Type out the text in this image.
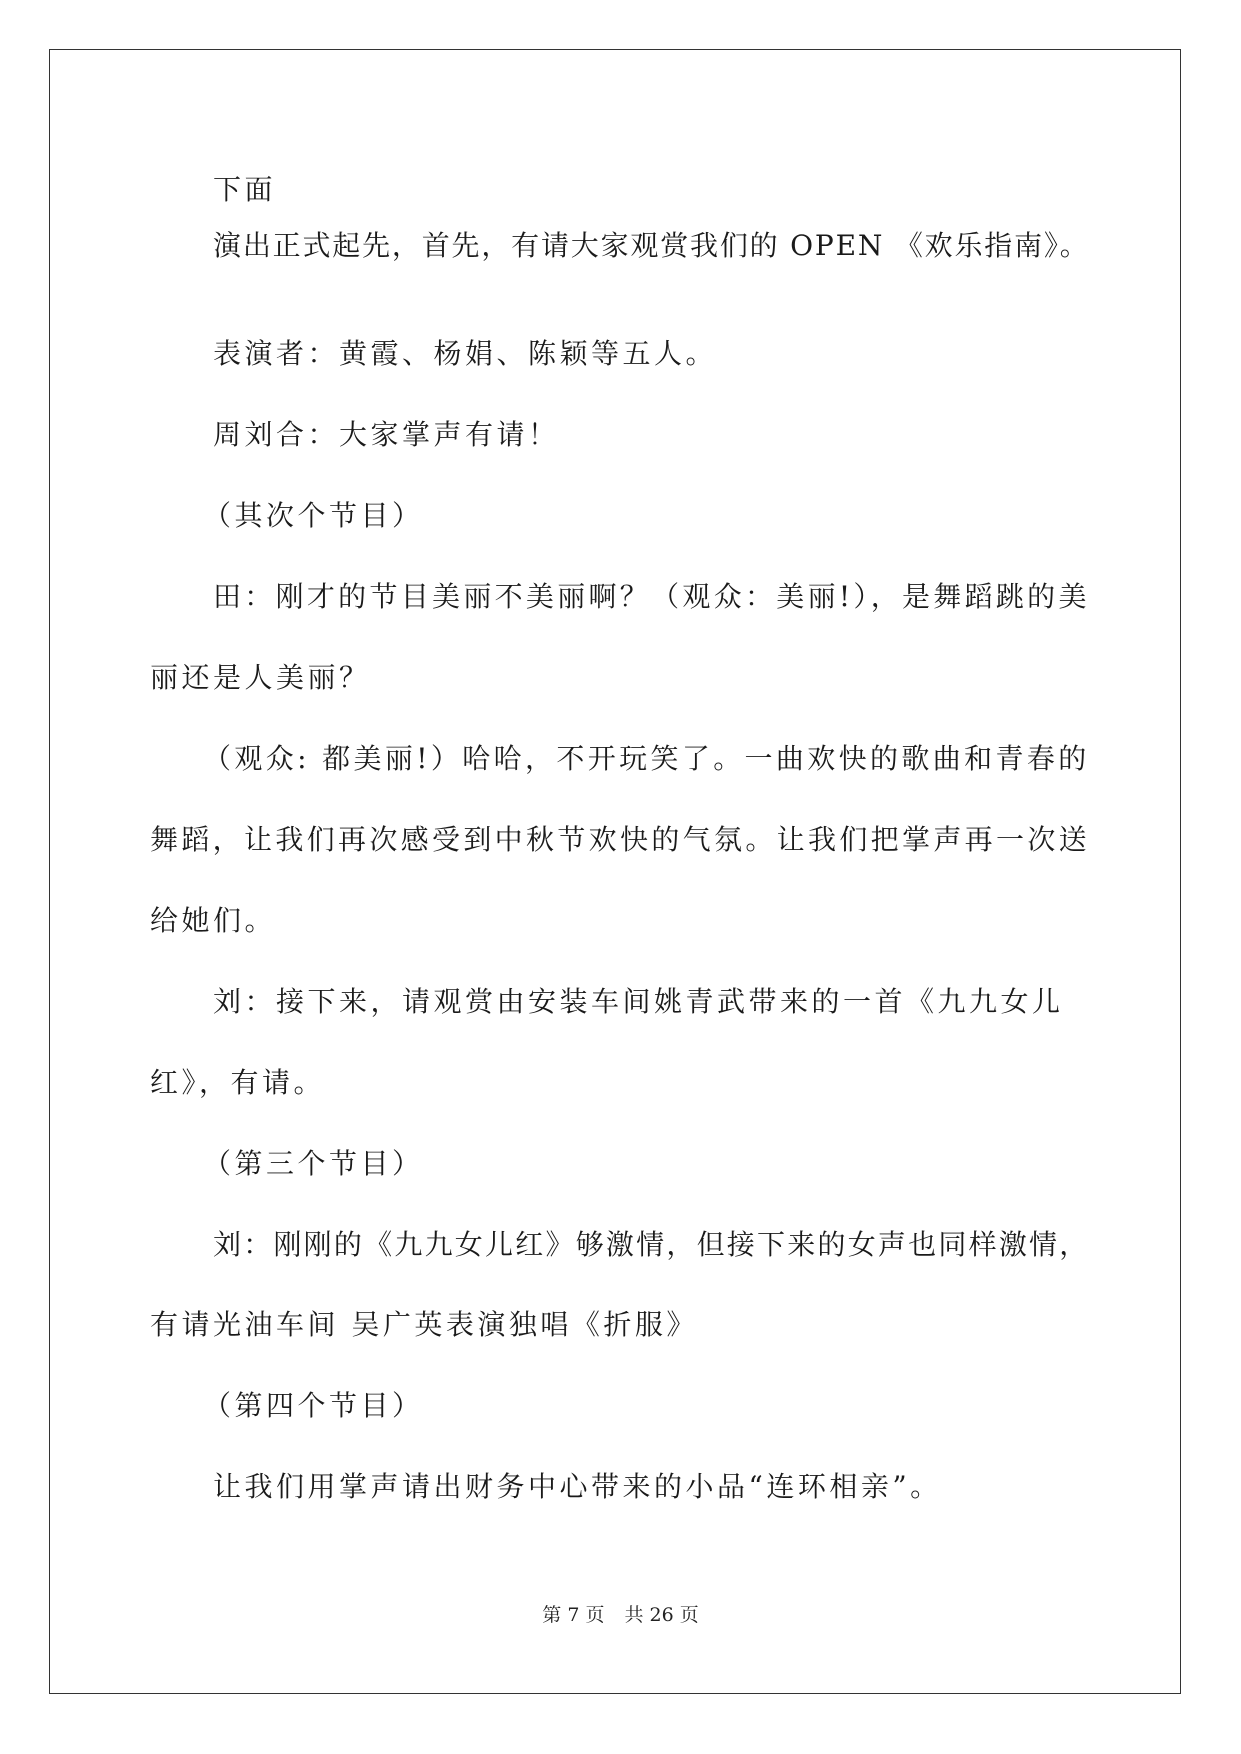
下面
演出正式起先，首先，有请大家观赏我们的 OPEN 《欢乐指南》。
表演者：黄霞、杨娟、陈颖等五人。
周刘合：大家掌声有请！
（其次个节目）
田：刚才的节目美丽不美丽啊？（观众：美丽!），是舞蹈跳的美
丽还是人美丽？
（观众: 都美丽!）哈哈，不开玩笑了。一曲欢快的歌曲和青春的
舞蹈，让我们再次感受到中秋节欢快的气氛。让我们把掌声再一次送
给她们。
刘：接下来，请观赏由安装车间姚青武带来的一首《九九女儿
红》，有请。
（第三个节目）
刘：刚刚的《九九女儿红》够激情，但接下来的女声也同样激情，
有请光油车间 吴广英表演独唱《折服》
（第四个节目）
让我们用掌声请出财务中心带来的小品“连环相亲”。
第 7 页 共 26 页
